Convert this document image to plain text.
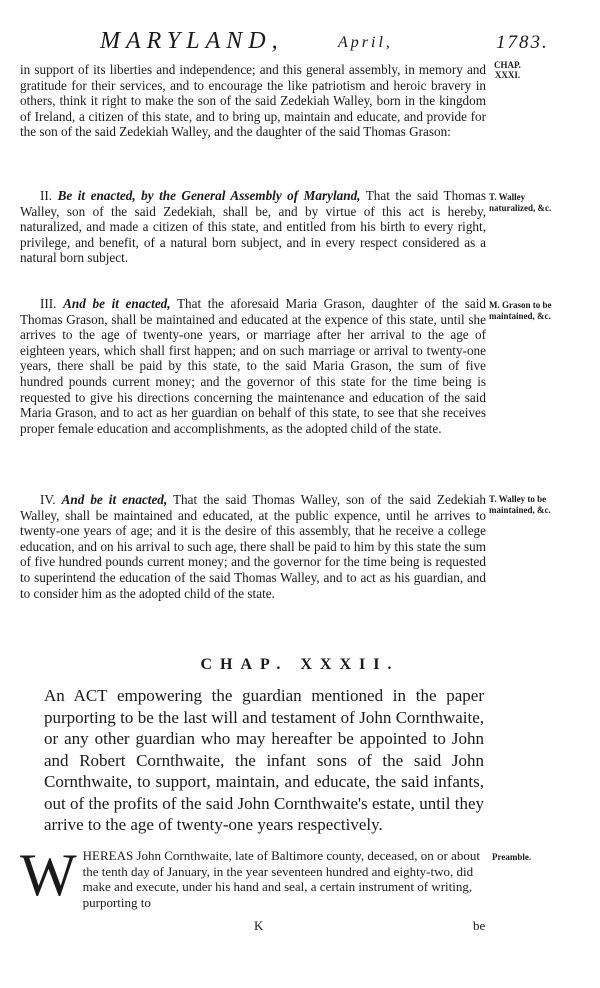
MARYLAND,	April,	1783.
CHAP.
XXXI.
in support of its liberties and independence; and this general assembly, in memory and gratitude for their services, and to encourage the like patriotism and heroic bravery in others, think it right to make the son of the said Zedekiah Walley, born in the kingdom of Ireland, a citizen of this state, and to bring up, maintain and educate, and provide for the son of the said Zedekiah Walley, and the daughter of the said Thomas Grason:
II. Be it enacted, by the General Assembly of Maryland, That the said Thomas Walley, son of the said Zedekiah, shall be, and by virtue of this act is hereby, naturalized, and made a citizen of this state, and entitled from his birth to every right, privilege, and benefit, of a natural born subject, and in every respect considered as a natural born subject.
T. Walley naturalized, &c.
III. And be it enacted, That the aforesaid Maria Grason, daughter of the said Thomas Grason, shall be maintained and educated at the expence of this state, until she arrives to the age of twenty-one years, or marriage after her arrival to the age of eighteen years, which shall first happen; and on such marriage or arrival to twenty-one years, there shall be paid by this state, to the said Maria Grason, the sum of five hundred pounds current money; and the governor of this state for the time being is requested to give his directions concerning the maintenance and education of the said Maria Grason, and to act as her guardian on behalf of this state, to see that she receives proper female education and accomplishments, as the adopted child of the state.
M. Grason to be maintained, &c.
IV. And be it enacted, That the said Thomas Walley, son of the said Zedekiah Walley, shall be maintained and educated, at the public expence, until he arrives to twenty-one years of age; and it is the desire of this assembly, that he receive a college education, and on his arrival to such age, there shall be paid to him by this state the sum of five hundred pounds current money; and the governor for the time being is requested to superintend the education of the said Thomas Walley, and to act as his guardian, and to consider him as the adopted child of the state.
T. Walley to be maintained, &c.
CHAP. XXXII.
An ACT empowering the guardian mentioned in the paper purporting to be the last will and testament of John Cornthwaite, or any other guardian who may hereafter be appointed to John and Robert Cornthwaite, the infant sons of the said John Cornthwaite, to support, maintain, and educate, the said infants, out of the profits of the said John Cornthwaite's estate, until they arrive to the age of twenty-one years respectively.
W HEREAS John Cornthwaite, late of Baltimore county, deceased, on or about the tenth day of January, in the year seventeen hundred and eighty-two, did make and execute, under his hand and seal, a certain instrument of writing, purporting to
Preamble.
K	be
